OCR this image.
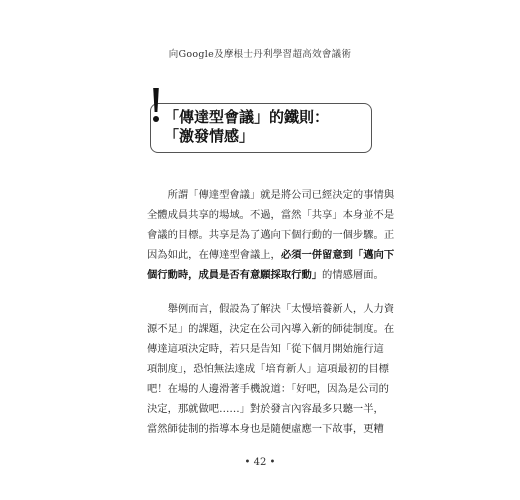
向Google及摩根士丹利學習超高效會議術
「傳達型會議」的鐵則：
「激發情感」
所謂「傳達型會議」就是將公司已經決定的事情與
全體成員共享的場域。不過，當然「共享」本身並不是
會議的目標。共享是為了邁向下個行動的一個步驟。正
因為如此，在傳達型會議上，必須一併留意到「邁向下
個行動時，成員是否有意願採取行動」的情感層面。
舉例而言，假設為了解決「太慢培養新人，人力資
源不足」的課題，決定在公司內導入新的師徒制度。在
傳達這項決定時，若只是告知「從下個月開始施行這
項制度」，恐怕無法達成「培育新人」這項最初的目標
吧！在場的人邊滑著手機說道：「好吧，因為是公司的
決定，那就做吧……」對於發言內容最多只聽一半，
當然師徒制的指導本身也是隨便虛應一下故事，更糟
• 42 •
